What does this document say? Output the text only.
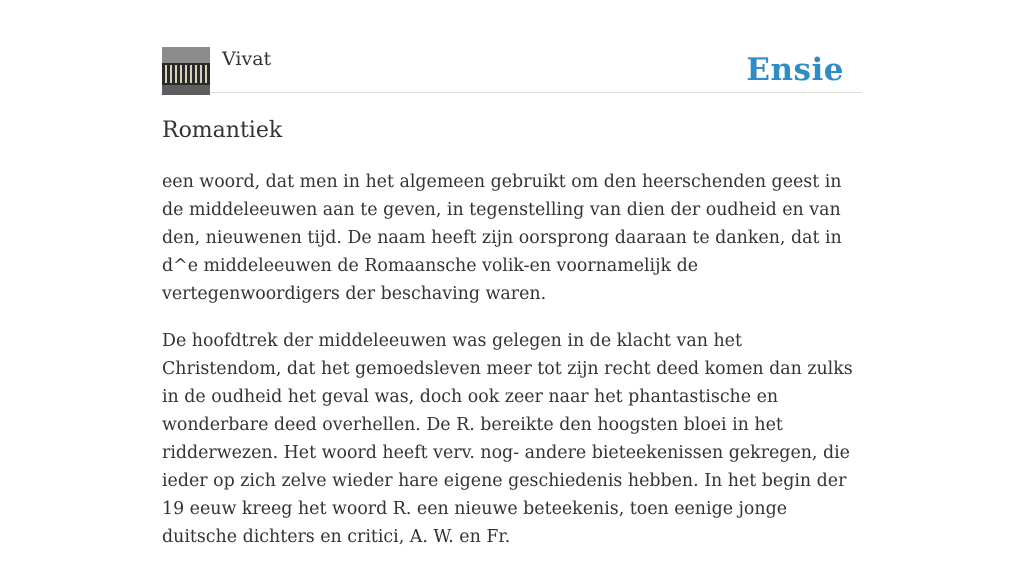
Vivat	Ensie
Romantiek

een woord, dat men in het algemeen gebruikt om den heerschenden geest in de middeleeuwen aan te geven, in tegenstelling van dien der oudheid en van den, nieuwenen tijd. De naam heeft zijn oorsprong daaraan te danken, dat in d^e middeleeuwen de Romaansche volik-en voornamelijk de vertegenwoordigers der beschaving waren.

De hoofdtrek der middeleeuwen was gelegen in de klacht van het Christendom, dat het gemoedsleven meer tot zijn recht deed komen dan zulks in de oudheid het geval was, doch ook zeer naar het phantastische en wonderbare deed overhellen. De R. bereikte den hoogsten bloei in het ridderwezen. Het woord heeft verv. nog- andere bieteekenissen gekregen, die ieder op zich zelve wieder hare eigene geschiedenis hebben. In het begin der 19 eeuw kreeg het woord R. een nieuwe beteekenis, toen eenige jonge duitsche dichters en critici, A. W. en Fr.
